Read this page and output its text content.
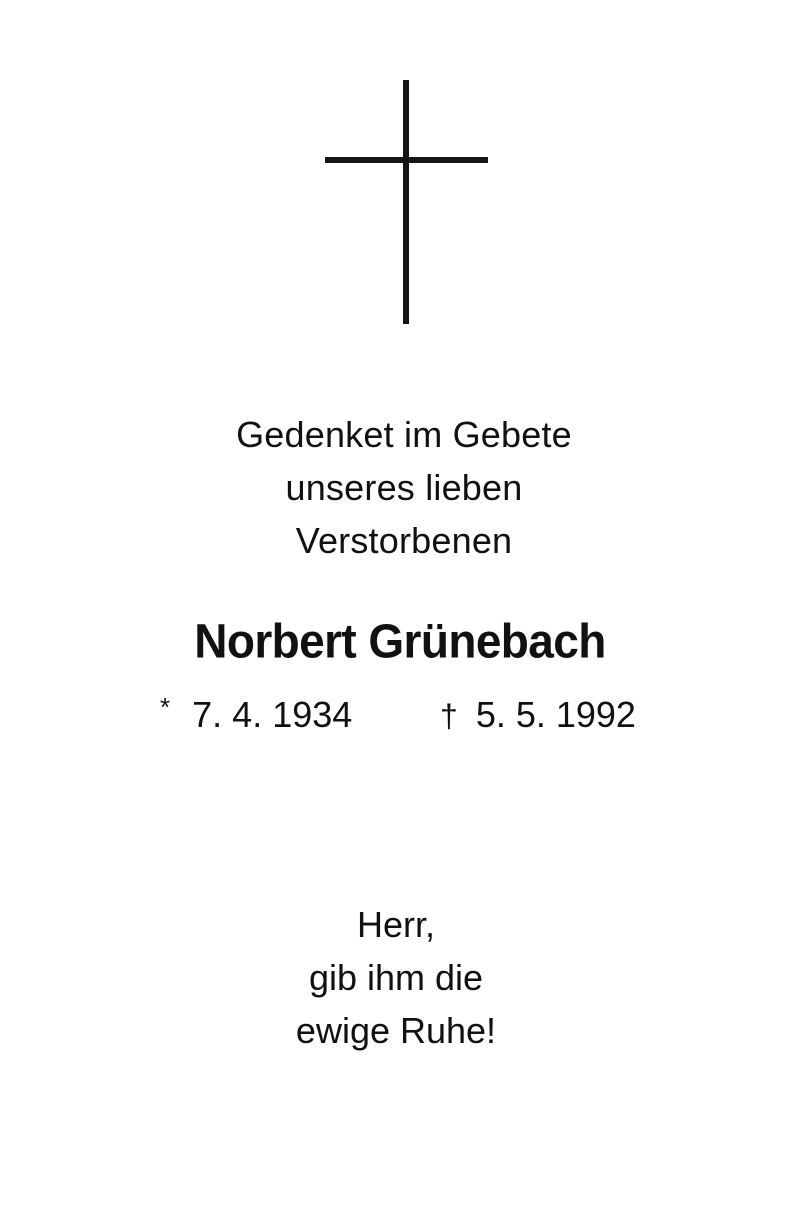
Gedenket im Gebete
unseres lieben
Verstorbenen
Norbert Grünebach
* 7. 4. 1934	† 5. 5. 1992
Herr,
gib ihm die
ewige Ruhe!
